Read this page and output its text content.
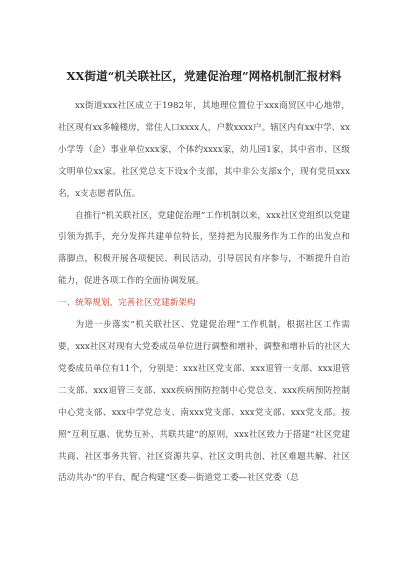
XX街道“机关联社区，党建促治理”网格机制汇报材料

xx街道xxx社区成立于1982年，其地理位置位于xxx商贸区中心地带，社区现有xx多幢楼房，常住人口xxxx人，户数xxxx户。辖区内有xx中学、xx小学等（企）事业单位xxx家，个体约xxxx家，幼儿园1家，其中省市、区级文明单位xx家。社区党总支下设x个支部，其中非公支部x个，现有党员xxx名，x支志愿者队伍。

自推行“机关联社区，党建促治理”工作机制以来，xxx社区党组织以党建引领为抓手，充分发挥共建单位特长，坚持把为民服务作为工作的出发点和落脚点，积极开展各项便民、利民活动，引导居民有序参与，不断提升自治能力，促进各项工作的全面协调发展。

一、统筹规划，完善社区党建新架构

为进一步落实“机关联社区、党建促治理”工作机制，根据社区工作需要，xxx社区对现有大党委成员单位进行调整和增补，调整和增补后的社区大党委成员单位有11个，分别是：xxx社区党支部、xxx退管一支部、xxx退管二支部、xxx退管三支部、xxx疾病预防控制中心党总支、xxx疾病预防控制中心党支部、xxx中学党总支、南xxx党支部、xxx党支部、xxx党支部。按照“互利互惠、优势互补、共联共建”的原则，xxx社区致力于搭建“社区党建共商、社区事务共管、社区资源共享、社区文明共创、社区难题共解、社区活动共办”的平台，配合构建“区委—街道党工委—社区党委（总
